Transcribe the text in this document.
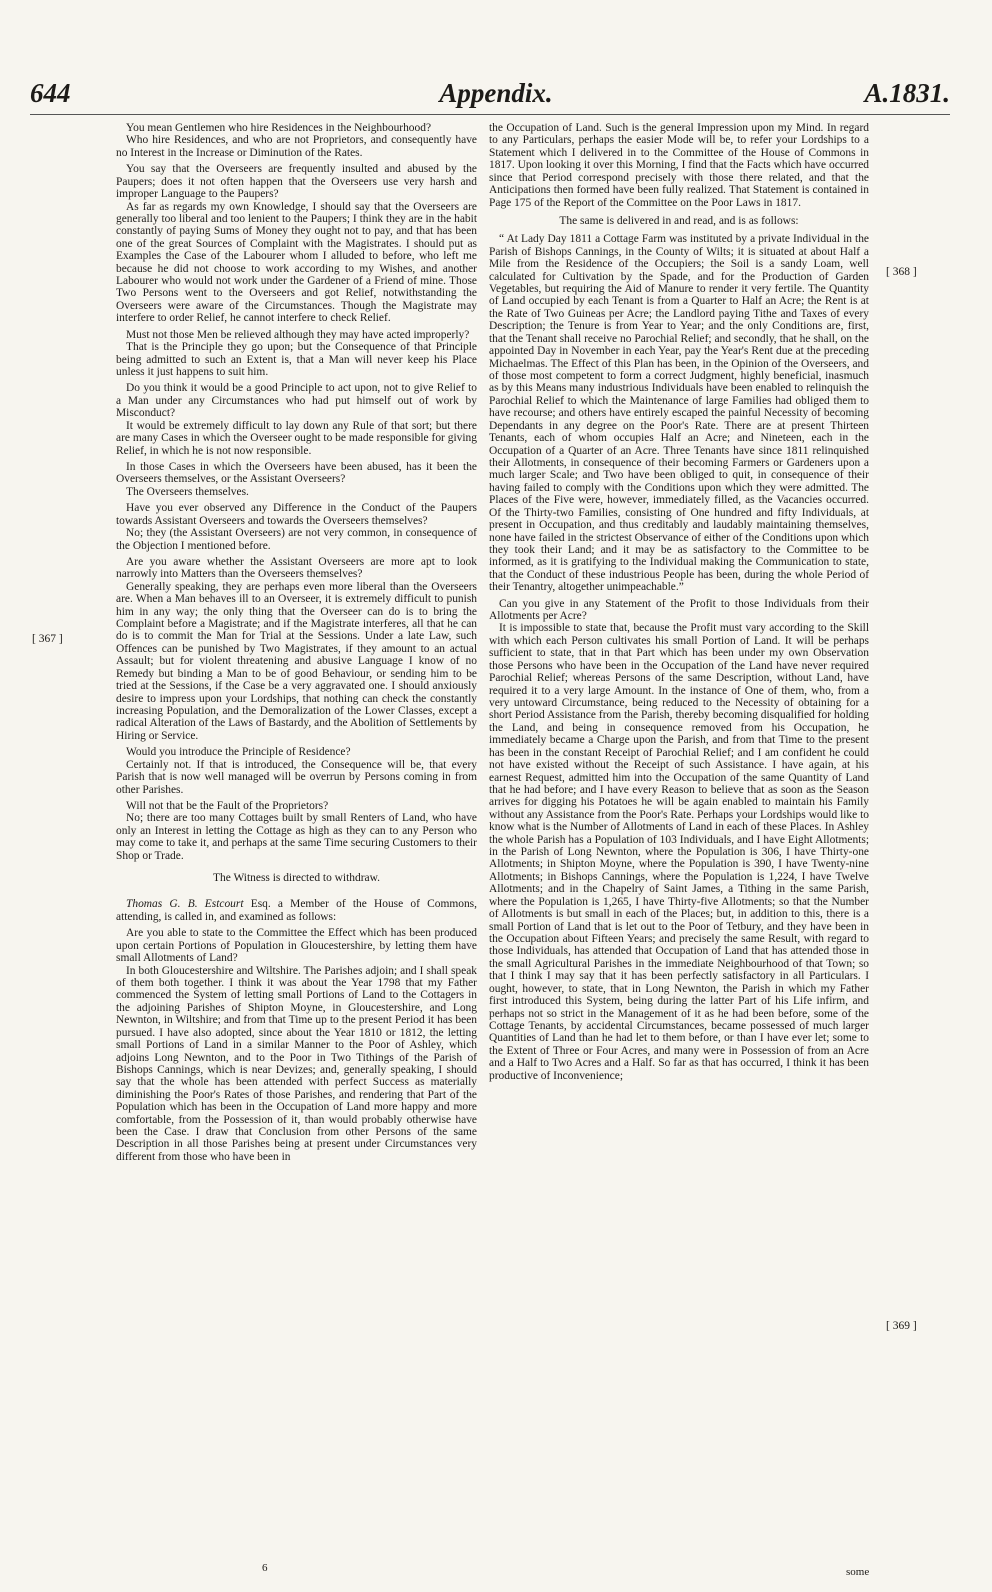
644	Appendix.	A.1831.
[ 367 ]
[ 368 ]
[ 369 ]

You mean Gentlemen who hire Residences in the Neighbourhood?

Who hire Residences, and who are not Proprietors, and consequently have no Interest in the Increase or Diminution of the Rates.

You say that the Overseers are frequently insulted and abused by the Paupers; does it not often happen that the Overseers use very harsh and improper Language to the Paupers?

As far as regards my own Knowledge, I should say that the Overseers are generally too liberal and too lenient to the Paupers; I think they are in the habit constantly of paying Sums of Money they ought not to pay, and that has been one of the great Sources of Complaint with the Magistrates. I should put as Examples the Case of the Labourer whom I alluded to before, who left me because he did not choose to work according to my Wishes, and another Labourer who would not work under the Gardener of a Friend of mine. Those Two Persons went to the Overseers and got Relief, notwithstanding the Overseers were aware of the Circumstances. Though the Magistrate may interfere to order Relief, he cannot interfere to check Relief.

Must not those Men be relieved although they may have acted improperly?

That is the Principle they go upon; but the Consequence of that Principle being admitted to such an Extent is, that a Man will never keep his Place unless it just happens to suit him.

Do you think it would be a good Principle to act upon, not to give Relief to a Man under any Circumstances who had put himself out of work by Misconduct?

It would be extremely difficult to lay down any Rule of that sort; but there are many Cases in which the Overseer ought to be made responsible for giving Relief, in which he is not now responsible.

In those Cases in which the Overseers have been abused, has it been the Overseers themselves, or the Assistant Overseers?

The Overseers themselves.

Have you ever observed any Difference in the Conduct of the Paupers towards Assistant Overseers and towards the Overseers themselves?

No; they (the Assistant Overseers) are not very common, in consequence of the Objection I mentioned before.

Are you aware whether the Assistant Overseers are more apt to look narrowly into Matters than the Overseers themselves?

Generally speaking, they are perhaps even more liberal than the Overseers are. When a Man behaves ill to an Overseer, it is extremely difficult to punish him in any way; the only thing that the Overseer can do is to bring the Complaint before a Magistrate; and if the Magistrate interferes, all that he can do is to commit the Man for Trial at the Sessions. Under a late Law, such Offences can be punished by Two Magistrates, if they amount to an actual Assault; but for violent threatening and abusive Language I know of no Remedy but binding a Man to be of good Behaviour, or sending him to be tried at the Sessions, if the Case be a very aggravated one. I should anxiously desire to impress upon your Lordships, that nothing can check the constantly increasing Population, and the Demoralization of the Lower Classes, except a radical Alteration of the Laws of Bastardy, and the Abolition of Settlements by Hiring or Service.

Would you introduce the Principle of Residence?

Certainly not. If that is introduced, the Consequence will be, that every Parish that is now well managed will be overrun by Persons coming in from other Parishes.

Will not that be the Fault of the Proprietors?

No; there are too many Cottages built by small Renters of Land, who have only an Interest in letting the Cottage as high as they can to any Person who may come to take it, and perhaps at the same Time securing Customers to their Shop or Trade.

The Witness is directed to withdraw.

Thomas G. B. Estcourt Esq. a Member of the House of Commons, attending, is called in, and examined as follows:

Are you able to state to the Committee the Effect which has been produced upon certain Portions of Population in Gloucestershire, by letting them have small Allotments of Land?

In both Gloucestershire and Wiltshire. The Parishes adjoin; and I shall speak of them both together. I think it was about the Year 1798 that my Father commenced the System of letting small Portions of Land to the Cottagers in the adjoining Parishes of Shipton Moyne, in Gloucestershire, and Long Newnton, in Wiltshire; and from that Time up to the present Period it has been pursued. I have also adopted, since about the Year 1810 or 1812, the letting small Portions of Land in a similar Manner to the Poor of Ashley, which adjoins Long Newnton, and to the Poor in Two Tithings of the Parish of Bishops Cannings, which is near Devizes; and, generally speaking, I should say that the whole has been attended with perfect Success as materially diminishing the Poor's Rates of those Parishes, and rendering that Part of the Population which has been in the Occupation of Land more happy and more comfortable, from the Possession of it, than would probably otherwise have been the Case. I draw that Conclusion from other Persons of the same Description in all those Parishes being at present under Circumstances very different from those who have been in

6

the Occupation of Land. Such is the general Impression upon my Mind. In regard to any Particulars, perhaps the easier Mode will be, to refer your Lordships to a Statement which I delivered in to the Committee of the House of Commons in 1817. Upon looking it over this Morning, I find that the Facts which have occurred since that Period correspond precisely with those there related, and that the Anticipations then formed have been fully realized. That Statement is contained in Page 175 of the Report of the Committee on the Poor Laws in 1817.

The same is delivered in and read, and is as follows:

“ At Lady Day 1811 a Cottage Farm was instituted by a private Individual in the Parish of Bishops Cannings, in the County of Wilts; it is situated at about Half a Mile from the Residence of the Occupiers; the Soil is a sandy Loam, well calculated for Cultivation by the Spade, and for the Production of Garden Vegetables, but requiring the Aid of Manure to render it very fertile. The Quantity of Land occupied by each Tenant is from a Quarter to Half an Acre; the Rent is at the Rate of Two Guineas per Acre; the Landlord paying Tithe and Taxes of every Description; the Tenure is from Year to Year; and the only Conditions are, first, that the Tenant shall receive no Parochial Relief; and secondly, that he shall, on the appointed Day in November in each Year, pay the Year's Rent due at the preceding Michaelmas. The Effect of this Plan has been, in the Opinion of the Overseers, and of those most competent to form a correct Judgment, highly beneficial, inasmuch as by this Means many industrious Individuals have been enabled to relinquish the Parochial Relief to which the Maintenance of large Families had obliged them to have recourse; and others have entirely escaped the painful Necessity of becoming Dependants in any degree on the Poor's Rate. There are at present Thirteen Tenants, each of whom occupies Half an Acre; and Nineteen, each in the Occupation of a Quarter of an Acre. Three Tenants have since 1811 relinquished their Allotments, in consequence of their becoming Farmers or Gardeners upon a much larger Scale; and Two have been obliged to quit, in consequence of their having failed to comply with the Conditions upon which they were admitted. The Places of the Five were, however, immediately filled, as the Vacancies occurred. Of the Thirty-two Families, consisting of One hundred and fifty Individuals, at present in Occupation, and thus creditably and laudably maintaining themselves, none have failed in the strictest Observance of either of the Conditions upon which they took their Land; and it may be as satisfactory to the Committee to be informed, as it is gratifying to the Individual making the Communication to state, that the Conduct of these industrious People has been, during the whole Period of their Tenantry, altogether unimpeachable.”

Can you give in any Statement of the Profit to those Individuals from their Allotments per Acre?

It is impossible to state that, because the Profit must vary according to the Skill with which each Person cultivates his small Portion of Land. It will be perhaps sufficient to state, that in that Part which has been under my own Observation those Persons who have been in the Occupation of the Land have never required Parochial Relief; whereas Persons of the same Description, without Land, have required it to a very large Amount. In the instance of One of them, who, from a very untoward Circumstance, being reduced to the Necessity of obtaining for a short Period Assistance from the Parish, thereby becoming disqualified for holding the Land, and being in consequence removed from his Occupation, he immediately became a Charge upon the Parish, and from that Time to the present has been in the constant Receipt of Parochial Relief; and I am confident he could not have existed without the Receipt of such Assistance. I have again, at his earnest Request, admitted him into the Occupation of the same Quantity of Land that he had before; and I have every Reason to believe that as soon as the Season arrives for digging his Potatoes he will be again enabled to maintain his Family without any Assistance from the Poor's Rate. Perhaps your Lordships would like to know what is the Number of Allotments of Land in each of these Places. In Ashley the whole Parish has a Population of 103 Individuals, and I have Eight Allotments; in the Parish of Long Newnton, where the Population is 306, I have Thirty-one Allotments; in Shipton Moyne, where the Population is 390, I have Twenty-nine Allotments; in Bishops Cannings, where the Population is 1,224, I have Twelve Allotments; and in the Chapelry of Saint James, a Tithing in the same Parish, where the Population is 1,265, I have Thirty-five Allotments; so that the Number of Allotments is but small in each of the Places; but, in addition to this, there is a small Portion of Land that is let out to the Poor of Tetbury, and they have been in the Occupation about Fifteen Years; and precisely the same Result, with regard to those Individuals, has attended that Occupation of Land that has attended those in the small Agricultural Parishes in the immediate Neighbourhood of that Town; so that I think I may say that it has been perfectly satisfactory in all Particulars. I ought, however, to state, that in Long Newnton, the Parish in which my Father first introduced this System, being during the latter Part of his Life infirm, and perhaps not so strict in the Management of it as he had been before, some of the Cottage Tenants, by accidental Circumstances, became possessed of much larger Quantities of Land than he had let to them before, or than I have ever let; some to the Extent of Three or Four Acres, and many were in Possession of from an Acre and a Half to Two Acres and a Half. So far as that has occurred, I think it has been productive of Inconvenience;

some
